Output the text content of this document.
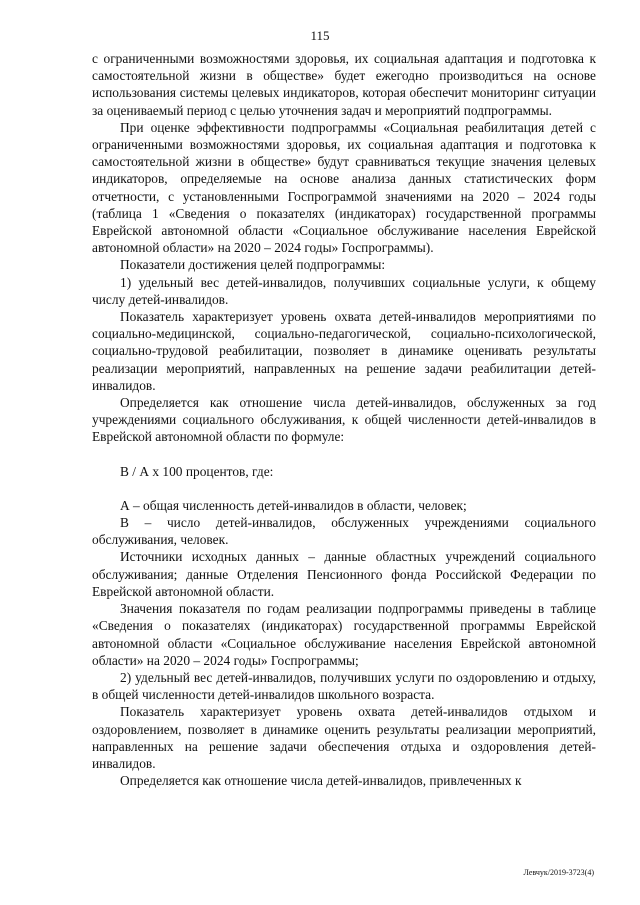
115

с ограниченными возможностями здоровья, их социальная адаптация и подготовка к самостоятельной жизни в обществе» будет ежегодно производиться на основе использования системы целевых индикаторов, которая обеспечит мониторинг ситуации за оцениваемый период с целью уточнения задач и мероприятий подпрограммы.

При оценке эффективности подпрограммы «Социальная реабилитация детей с ограниченными возможностями здоровья, их социальная адаптация и подготовка к самостоятельной жизни в обществе» будут сравниваться текущие значения целевых индикаторов, определяемые на основе анализа данных статистических форм отчетности, с установленными Госпрограммой значениями на 2020 – 2024 годы (таблица 1 «Сведения о показателях (индикаторах) государственной программы Еврейской автономной области «Социальное обслуживание населения Еврейской автономной области» на 2020 – 2024 годы» Госпрограммы).

Показатели достижения целей подпрограммы:

1) удельный вес детей-инвалидов, получивших социальные услуги, к общему числу детей-инвалидов.

Показатель характеризует уровень охвата детей-инвалидов мероприятиями по социально-медицинской, социально-педагогической, социально-психологической, социально-трудовой реабилитации, позволяет в динамике оценивать результаты реализации мероприятий, направленных на решение задачи реабилитации детей-инвалидов.

Определяется как отношение числа детей-инвалидов, обслуженных за год учреждениями социального обслуживания, к общей численности детей-инвалидов в Еврейской автономной области по формуле:

В / А х 100 процентов, где:

А – общая численность детей-инвалидов в области, человек;

В – число детей-инвалидов, обслуженных учреждениями социального обслуживания, человек.

Источники исходных данных – данные областных учреждений социального обслуживания; данные Отделения Пенсионного фонда Российской Федерации по Еврейской автономной области.

Значения показателя по годам реализации подпрограммы приведены в таблице «Сведения о показателях (индикаторах) государственной программы Еврейской автономной области «Социальное обслуживание населения Еврейской автономной области» на 2020 – 2024 годы» Госпрограммы;

2) удельный вес детей-инвалидов, получивших услуги по оздоровлению и отдыху, в общей численности детей-инвалидов школьного возраста.

Показатель характеризует уровень охвата детей-инвалидов отдыхом и оздоровлением, позволяет в динамике оценить результаты реализации мероприятий, направленных на решение задачи обеспечения отдыха и оздоровления детей-инвалидов.

Определяется как отношение числа детей-инвалидов, привлеченных к

Левчук/2019-3723(4)
